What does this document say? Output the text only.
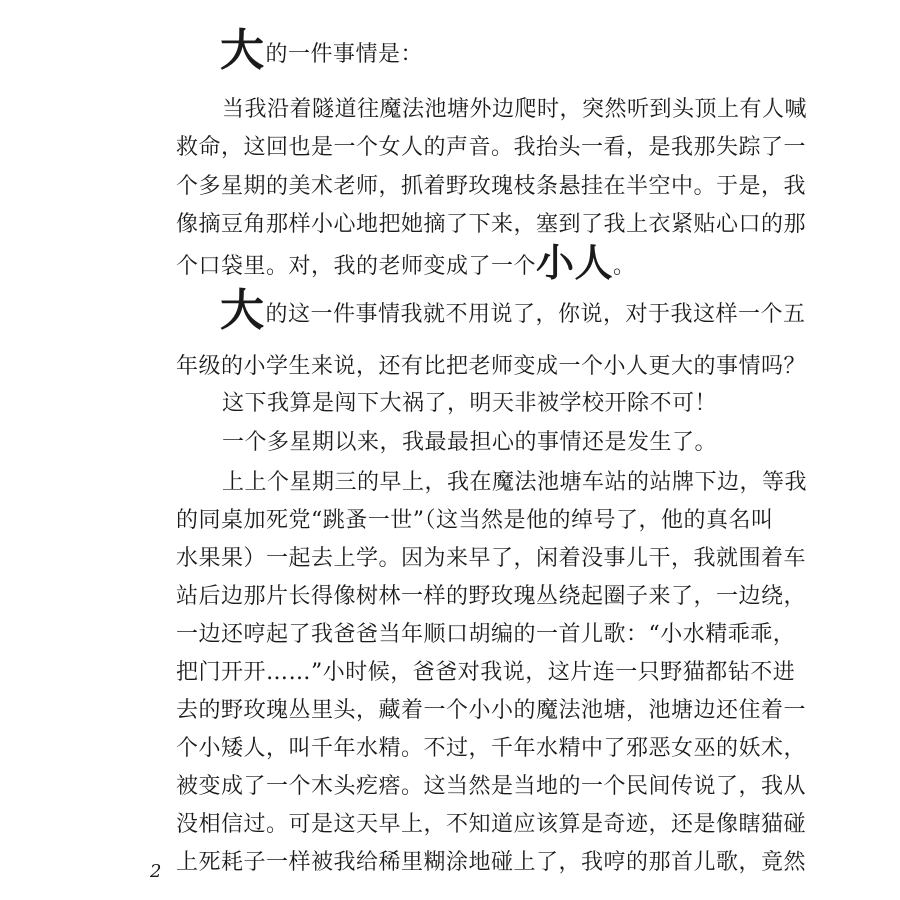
大的一件事情是：
当我沿着隧道往魔法池塘外边爬时，突然听到头顶上有人喊
救命，这回也是一个女人的声音。我抬头一看，是我那失踪了一
个多星期的美术老师，抓着野玫瑰枝条悬挂在半空中。于是，我
像摘豆角那样小心地把她摘了下来，塞到了我上衣紧贴心口的那
个口袋里。对，我的老师变成了一个小人。
大的这一件事情我就不用说了，你说，对于我这样一个五
年级的小学生来说，还有比把老师变成一个小人更大的事情吗？
这下我算是闯下大祸了，明天非被学校开除不可！
一个多星期以来，我最最担心的事情还是发生了。
上上个星期三的早上，我在魔法池塘车站的站牌下边，等我
的同桌加死党“跳蚤一世”（这当然是他的绰号了，他的真名叫
水果果）一起去上学。因为来早了，闲着没事儿干，我就围着车
站后边那片长得像树林一样的野玫瑰丛绕起圈子来了，一边绕，
一边还哼起了我爸爸当年顺口胡编的一首儿歌：“小水精乖乖，
把门开开……”小时候，爸爸对我说，这片连一只野猫都钻不进
去的野玫瑰丛里头，藏着一个小小的魔法池塘，池塘边还住着一
个小矮人，叫千年水精。不过，千年水精中了邪恶女巫的妖术，
被变成了一个木头疙瘩。这当然是当地的一个民间传说了，我从
没相信过。可是这天早上，不知道应该算是奇迹，还是像瞎猫碰
上死耗子一样被我给稀里糊涂地碰上了，我哼的那首儿歌，竟然
2
